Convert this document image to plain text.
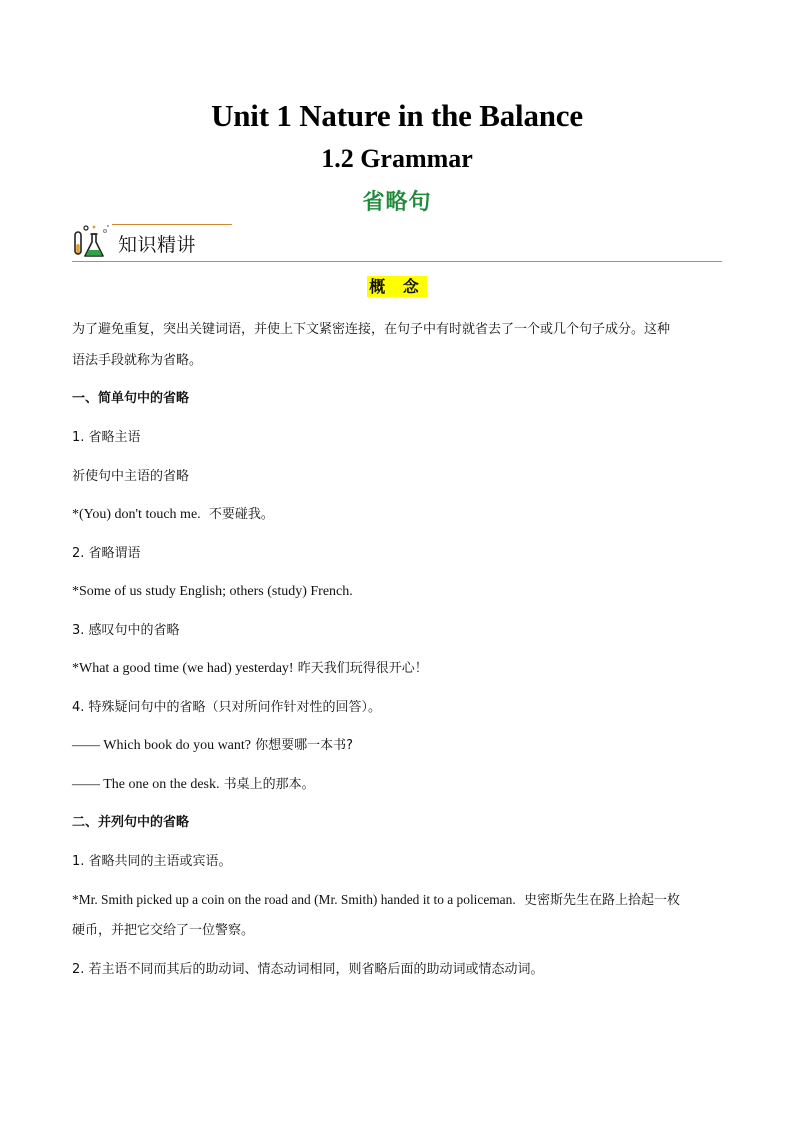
Unit 1 Nature in the Balance
1.2 Grammar
省略句
知识精讲
概 念
为了避免重复，突出关键词语，并使上下文紧密连接，在句子中有时就省去了一个或几个句子成分。这种
语法手段就称为省略。
一、简单句中的省略
1. 省略主语
祈使句中主语的省略
*(You) don't touch me. 不要碰我。
2. 省略谓语
*Some of us study English; others (study) French.
3. 感叹句中的省略
*What a good time (we had) yesterday! 昨天我们玩得很开心！
4. 特殊疑问句中的省略（只对所问作针对性的回答）。
—— Which book do you want? 你想要哪一本书?
—— The one on the desk. 书桌上的那本。
二、并列句中的省略
1. 省略共同的主语或宾语。
*Mr. Smith picked up a coin on the road and (Mr. Smith) handed it to a policeman. 史密斯先生在路上拾起一枚
硬币，并把它交给了一位警察。
2. 若主语不同而其后的助动词、情态动词相同，则省略后面的助动词或情态动词。
